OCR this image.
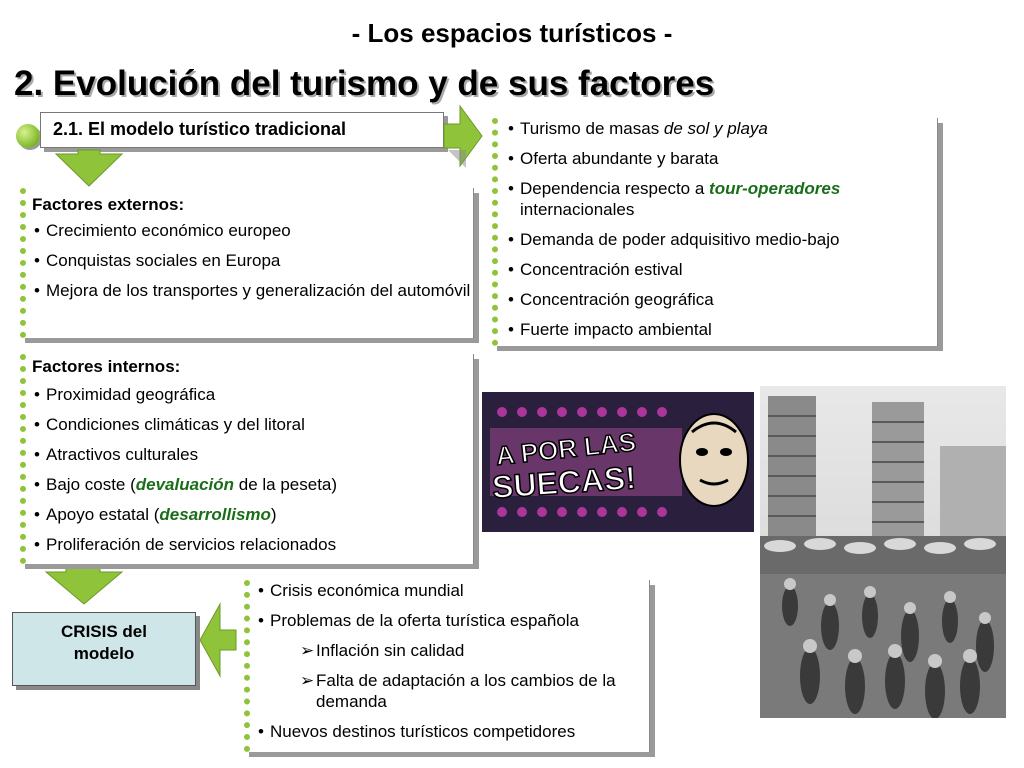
- Los espacios turísticos -
2. Evolución del turismo y de sus factores
2.1. El modelo turístico tradicional	• Turismo de masas de sol y playa
• Oferta abundante y barata
• Dependencia respecto a tour-operadores internacionales
• Demanda de poder adquisitivo medio-bajo
• Concentración estival
• Concentración geográfica
• Fuerte impacto ambiental
Factores externos:
• Crecimiento económico europeo
• Conquistas sociales en Europa
• Mejora de los transportes y generalización del automóvil
Factores internos:
• Proximidad geográfica
• Condiciones climáticas y del litoral
• Atractivos culturales
• Bajo coste (devaluación de la peseta)
• Apoyo estatal (desarrollismo)
• Proliferación de servicios relacionados
CRISIS del
modelo
• Crisis económica mundial
• Problemas de la oferta turística española
➢ Inflación sin calidad
➢ Falta de adaptación a los cambios de la demanda
• Nuevos destinos turísticos competidores
A POR LAS
SUECAS!
